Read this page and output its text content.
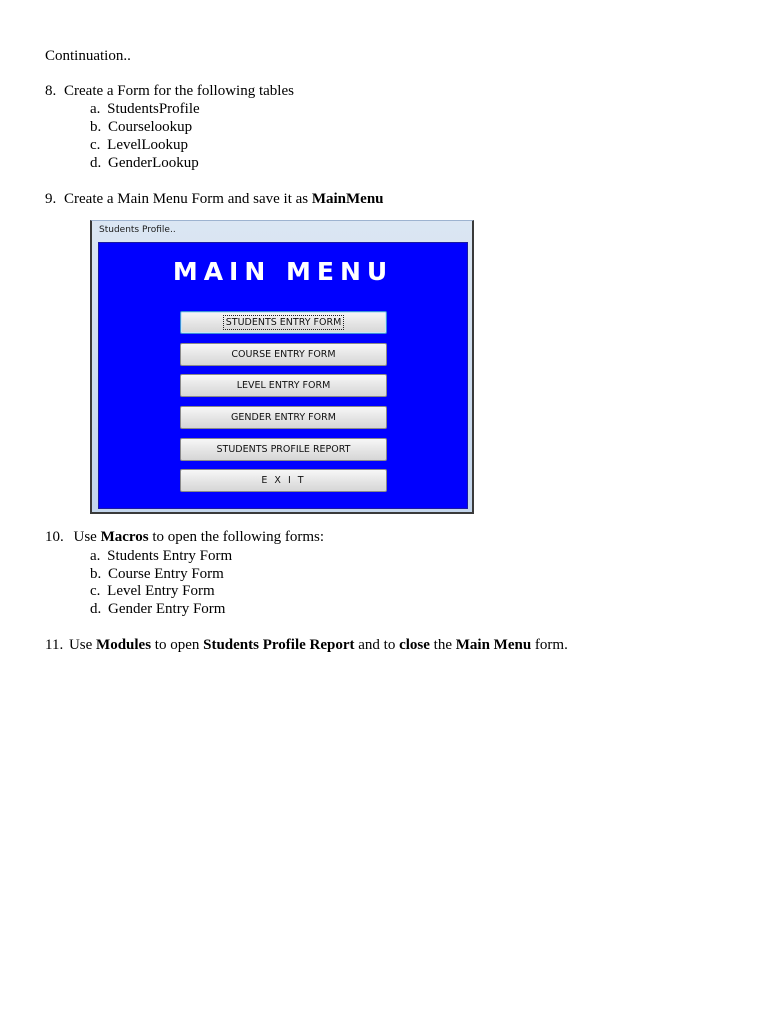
Continuation..
8. Create a Form for the following tables
a. StudentsProfile
b. Courselookup
c. LevelLookup
d. GenderLookup
9. Create a Main Menu Form and save it as MainMenu
Students Profile..
MAIN MENU
STUDENTS ENTRY FORM
COURSE ENTRY FORM
LEVEL ENTRY FORM
GENDER ENTRY FORM
STUDENTS PROFILE REPORT
E X I T
10. Use Macros to open the following forms:
a. Students Entry Form
b. Course Entry Form
c. Level Entry Form
d. Gender Entry Form
11. Use Modules to open Students Profile Report and to close the Main Menu form.
